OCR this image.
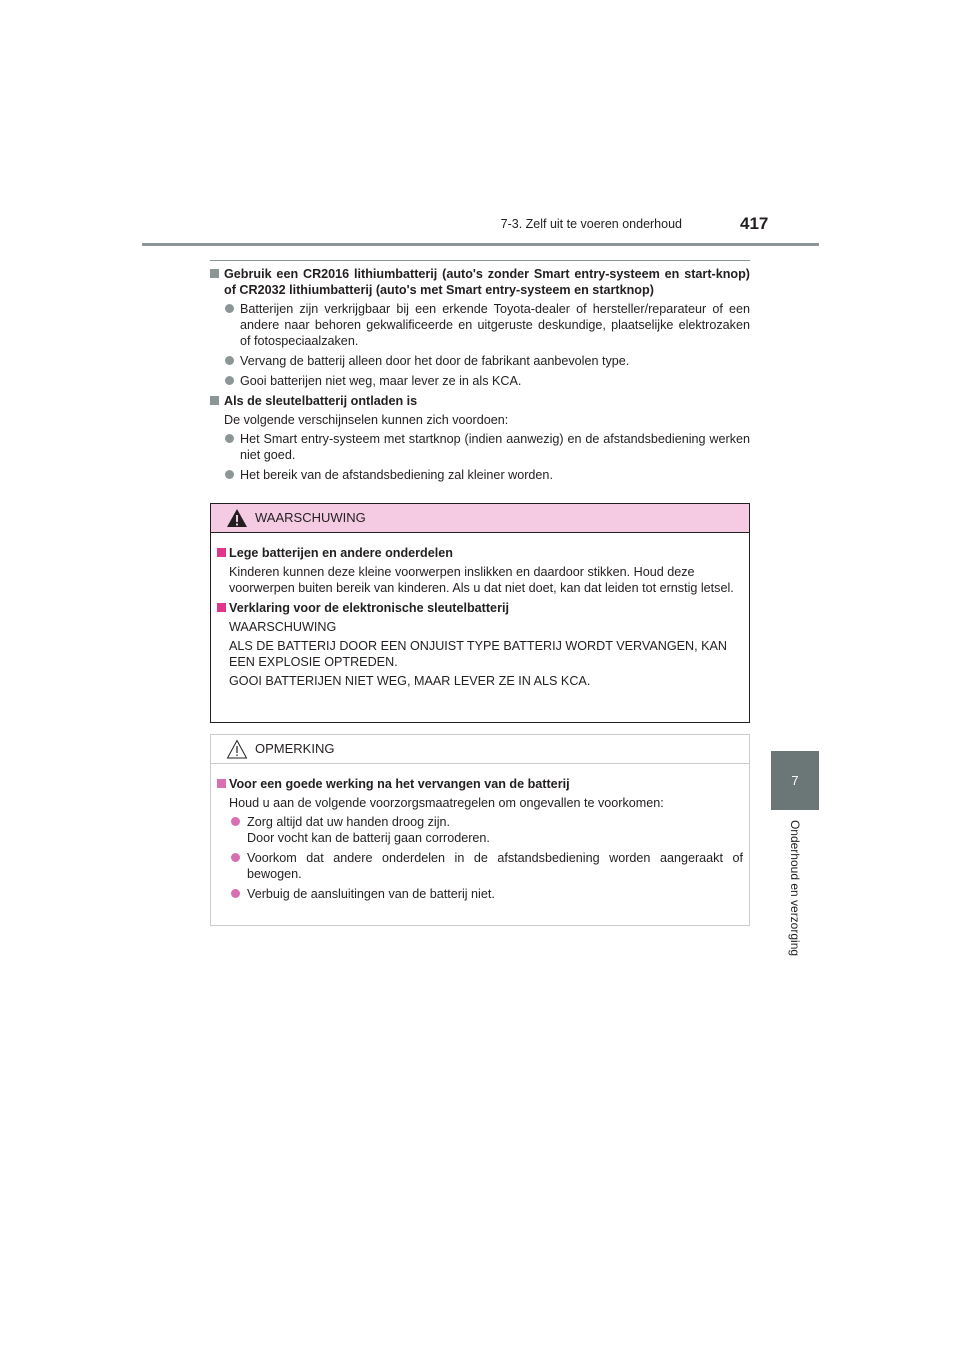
7-3. Zelf uit te voeren onderhoud	417
7
Onderhoud en verzorging
Gebruik een CR2016 lithiumbatterij (auto's zonder Smart entry-systeem en start-knop) of CR2032 lithiumbatterij (auto's met Smart entry-systeem en startknop)
Batterijen zijn verkrijgbaar bij een erkende Toyota-dealer of hersteller/reparateur of een andere naar behoren gekwalificeerde en uitgeruste deskundige, plaatselijke elektrozaken of fotospeciaalzaken.
Vervang de batterij alleen door het door de fabrikant aanbevolen type.
Gooi batterijen niet weg, maar lever ze in als KCA.
Als de sleutelbatterij ontladen is
De volgende verschijnselen kunnen zich voordoen:
Het Smart entry-systeem met startknop (indien aanwezig) en de afstandsbediening werken niet goed.
Het bereik van de afstandsbediening zal kleiner worden.
WAARSCHUWING
Lege batterijen en andere onderdelen
Kinderen kunnen deze kleine voorwerpen inslikken en daardoor stikken. Houd deze voorwerpen buiten bereik van kinderen. Als u dat niet doet, kan dat leiden tot ernstig letsel.
Verklaring voor de elektronische sleutelbatterij
WAARSCHUWING
ALS DE BATTERIJ DOOR EEN ONJUIST TYPE BATTERIJ WORDT VERVANGEN, KAN EEN EXPLOSIE OPTREDEN.
GOOI BATTERIJEN NIET WEG, MAAR LEVER ZE IN ALS KCA.
OPMERKING
Voor een goede werking na het vervangen van de batterij
Houd u aan de volgende voorzorgsmaatregelen om ongevallen te voorkomen:
Zorg altijd dat uw handen droog zijn.
Door vocht kan de batterij gaan corroderen.
Voorkom dat andere onderdelen in de afstandsbediening worden aangeraakt of bewogen.
Verbuig de aansluitingen van de batterij niet.
